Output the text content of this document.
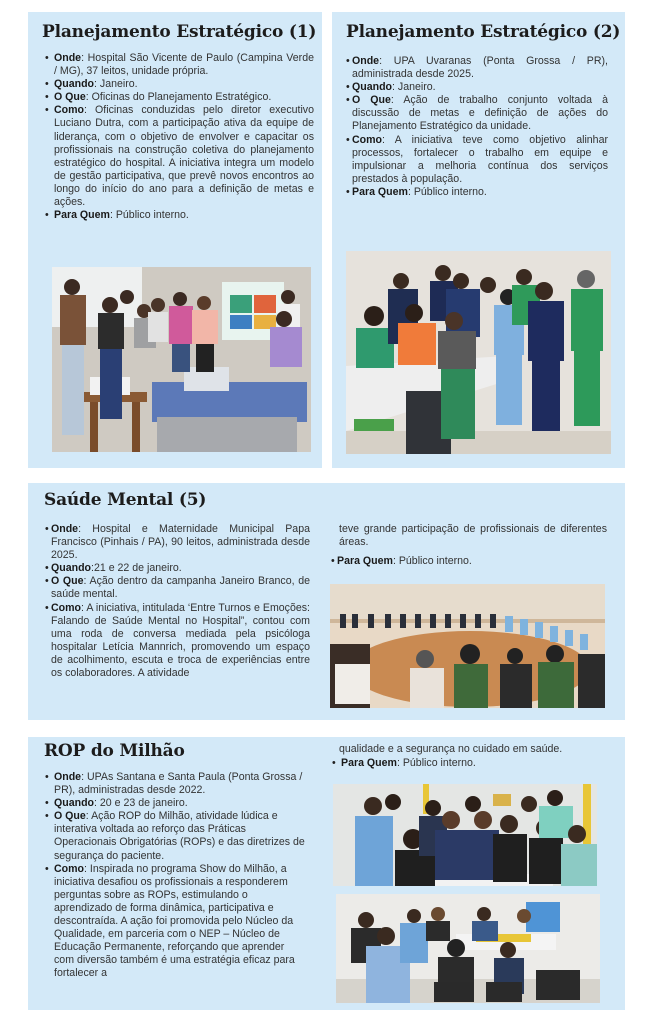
Planejamento Estratégico (1)
• Onde: Hospital São Vicente de Paulo (Campina Verde / MG), 37 leitos, unidade própria.
• Quando: Janeiro.
• O Que: Oficinas do Planejamento Estratégico.
• Como: Oficinas conduzidas pelo diretor executivo Luciano Dutra, com a participação ativa da equipe de liderança, com o objetivo de envolver e capacitar os profissionais na construção coletiva do planejamento estratégico do hospital. A iniciativa integra um modelo de gestão participativa, que prevê novos encontros ao longo do início do ano para a definição de metas e ações.
• Para Quem: Público interno.
Planejamento Estratégico (2)
• Onde: UPA Uvaranas (Ponta Grossa / PR), administrada desde 2025.
• Quando: Janeiro.
• O Que: Ação de trabalho conjunto voltada à discussão de metas e definição de ações do Planejamento Estratégico da unidade.
• Como: A iniciativa teve como objetivo alinhar processos, fortalecer o trabalho em equipe e impulsionar a melhoria contínua dos serviços prestados à população.
• Para Quem: Público interno.
Saúde Mental (5)
• Onde: Hospital e Maternidade Municipal Papa Francisco (Pinhais / PA), 90 leitos, administrada desde 2025.
• Quando:21 e 22 de janeiro.
• O Que: Ação dentro da campanha Janeiro Branco, de saúde mental.
• Como: A iniciativa, intitulada ‘Entre Turnos e Emoções: Falando de Saúde Mental no Hospital”, contou com uma roda de conversa mediada pela psicóloga hospitalar Letícia Mannrich, promovendo um espaço de acolhimento, escuta e troca de experiências entre os colaboradores. A atividade
teve grande participação de profissionais de diferentes áreas.
• Para Quem: Público interno.
ROP do Milhão
• Onde: UPAs Santana e Santa Paula (Ponta Grossa / PR), administradas desde 2022.
• Quando: 20 e 23 de janeiro.
• O Que: Ação ROP do Milhão, atividade lúdica e interativa voltada ao reforço das Práticas Operacionais Obrigatórias (ROPs) e das diretrizes de segurança do paciente.
• Como: Inspirada no programa Show do Milhão, a iniciativa desafiou os profissionais a responderem perguntas sobre as ROPs, estimulando o aprendizado de forma dinâmica, participativa e descontraída. A ação foi promovida pelo Núcleo da Qualidade, em parceria com o NEP – Núcleo de Educação Permanente, reforçando que aprender com diversão também é uma estratégia eficaz para fortalecer a
qualidade e a segurança no cuidado em saúde.
• Para Quem: Público interno.
